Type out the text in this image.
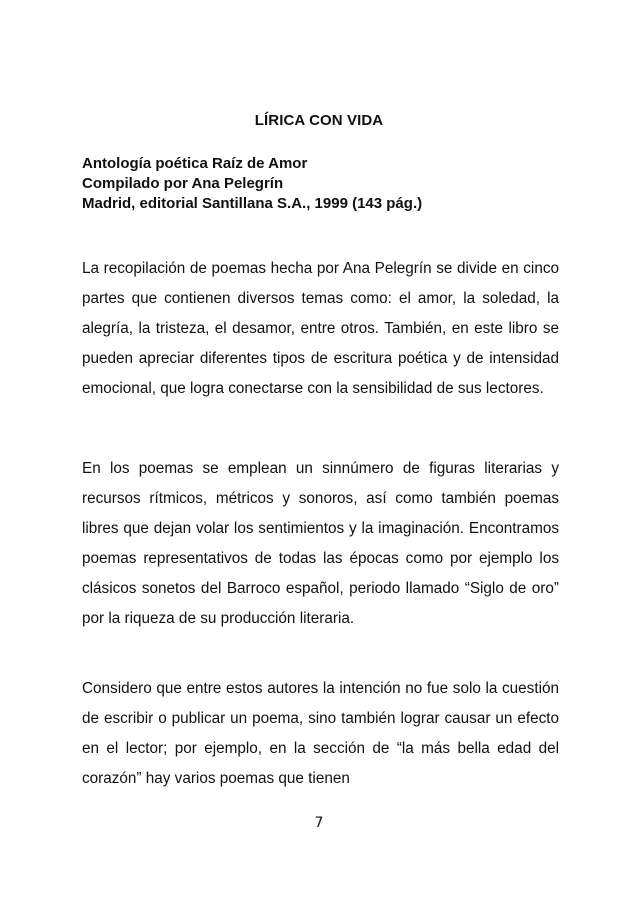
LÍRICA CON VIDA
Antología poética Raíz de Amor
Compilado por Ana Pelegrín
Madrid, editorial Santillana S.A., 1999 (143 pág.)

La recopilación de poemas hecha por Ana Pelegrín se divide en cinco partes que contienen diversos temas como: el amor, la soledad, la alegría, la tristeza, el desamor, entre otros. También, en este libro se pueden apreciar diferentes tipos de escritura poética y de intensidad emocional, que logra conectarse con la sensibilidad de sus lectores.

En los poemas se emplean un sinnúmero de figuras literarias y recursos rítmicos, métricos y sonoros, así como también poemas libres que dejan volar los sentimientos y la imaginación. Encontramos poemas representativos de todas las épocas como por ejemplo los clásicos sonetos del Barroco español, periodo llamado “Siglo de oro” por la riqueza de su producción literaria.

Considero que entre estos autores la intención no fue solo la cuestión de escribir o publicar un poema, sino también lograr causar un efecto en el lector; por ejemplo, en la sección de “la más bella edad del corazón” hay varios poemas que tienen

7
